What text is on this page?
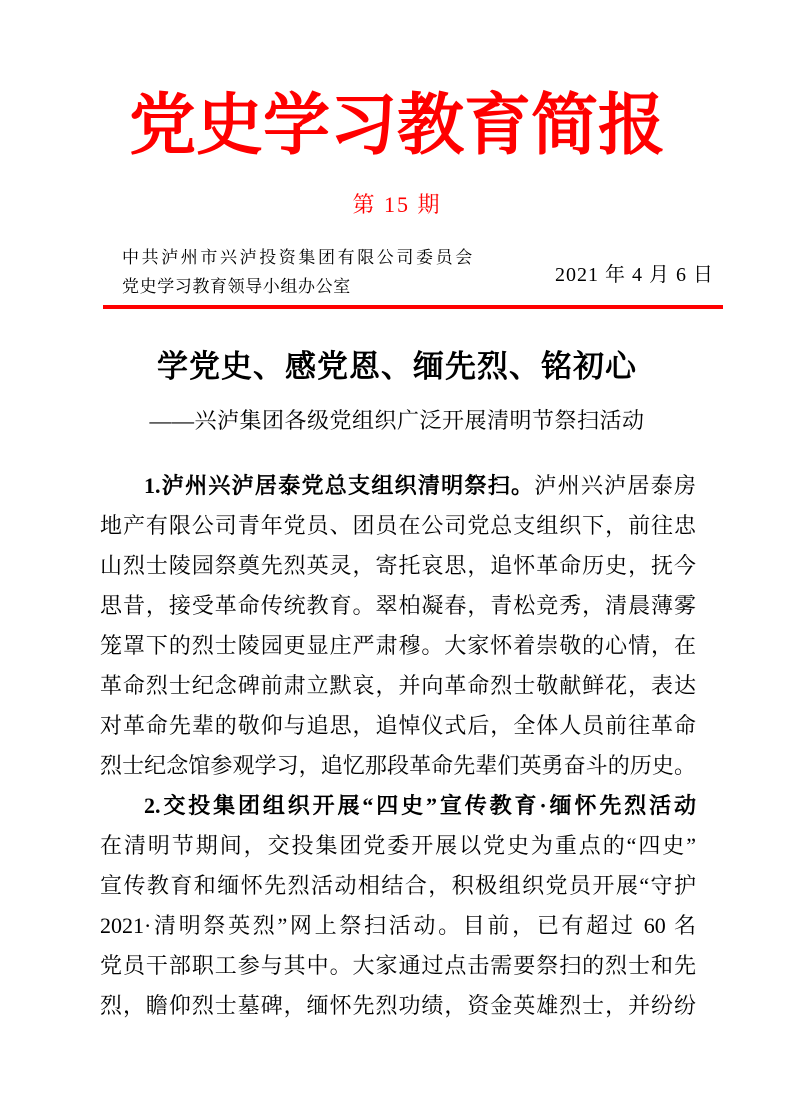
党史学习教育简报
第 15 期
中共泸州市兴泸投资集团有限公司委员会
党史学习教育领导小组办公室
2021 年 4 月 6 日
学党史、感党恩、缅先烈、铭初心
——兴泸集团各级党组织广泛开展清明节祭扫活动
1.泸州兴泸居泰党总支组织清明祭扫。泸州兴泸居泰房
地产有限公司青年党员、团员在公司党总支组织下，前往忠
山烈士陵园祭奠先烈英灵，寄托哀思，追怀革命历史，抚今
思昔，接受革命传统教育。翠柏凝春，青松竞秀，清晨薄雾
笼罩下的烈士陵园更显庄严肃穆。大家怀着崇敬的心情，在
革命烈士纪念碑前肃立默哀，并向革命烈士敬献鲜花，表达
对革命先辈的敬仰与追思，追悼仪式后，全体人员前往革命
烈士纪念馆参观学习，追忆那段革命先辈们英勇奋斗的历史。
2.交投集团组织开展“四史”宣传教育·缅怀先烈活动
在清明节期间，交投集团党委开展以党史为重点的“四史”
宣传教育和缅怀先烈活动相结合，积极组织党员开展“守护
2021·清明祭英烈”网上祭扫活动。目前，已有超过 60 名
党员干部职工参与其中。大家通过点击需要祭扫的烈士和先
烈，瞻仰烈士墓碑，缅怀先烈功绩，资金英雄烈士，并纷纷
